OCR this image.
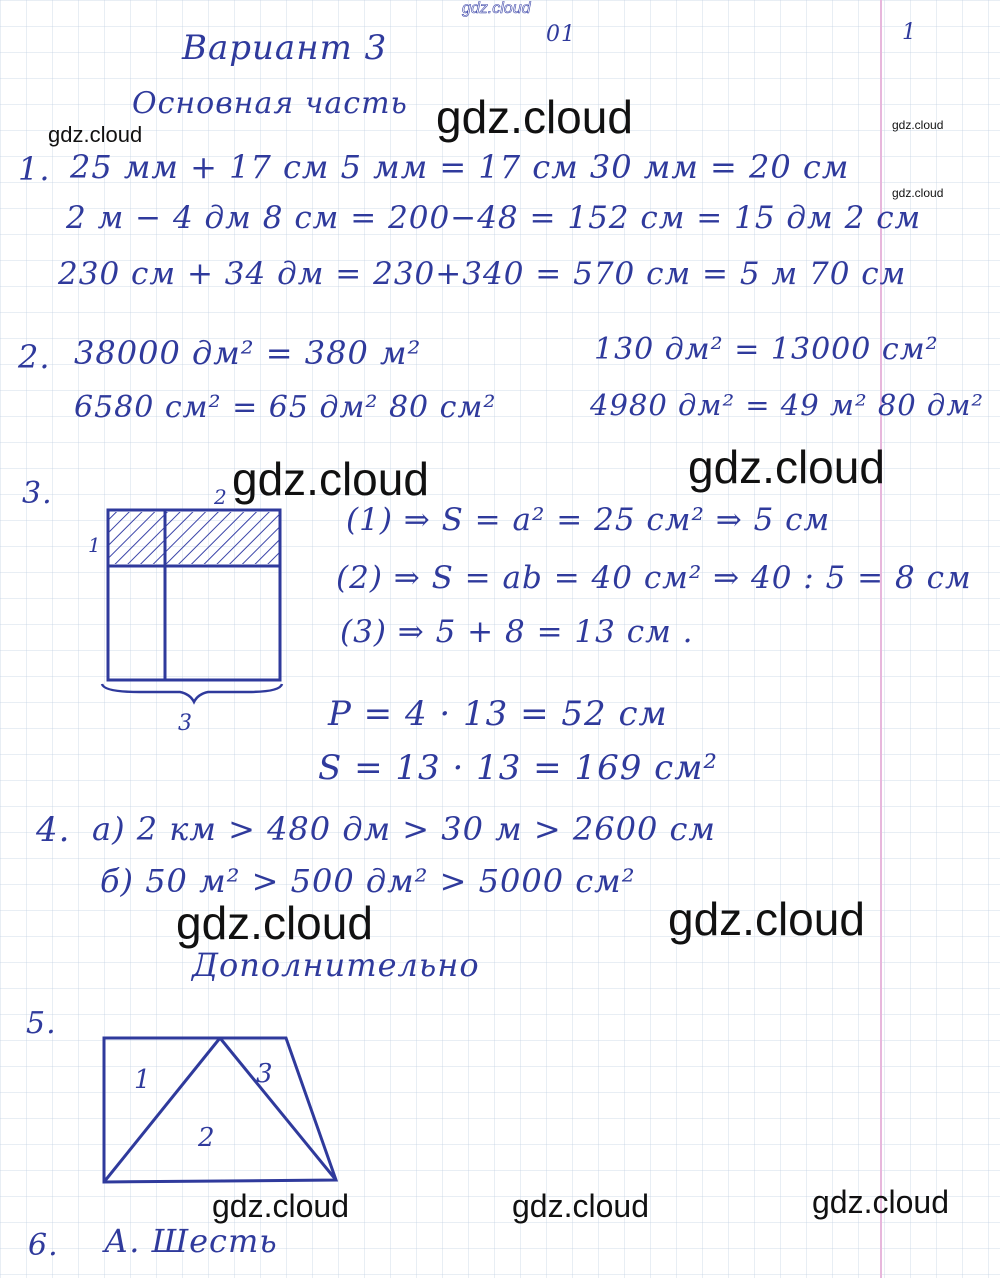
gdz.cloud
Вариант 3	01	1
Основная часть
1. 25 мм + 17 см 5 мм = 17 см 30 мм = 20 см
2 м − 4 дм 8 см = 200−48 = 152 см = 15 дм 2 см
230 см + 34 дм = 230+340 = 570 см = 5 м 70 см
2. 38000 дм² = 380 м²
6580 см² = 65 дм² 80 см²
130 дм² = 13000 см²
4980 дм² = 49 м² 80 дм²
3.
1
2
3
(1) ⇒ S = a² = 25 см² ⇒ 5 см
(2) ⇒ S = ab = 40 см² ⇒ 40 : 5 = 8 см
(3) ⇒ 5 + 8 = 13 см .
P = 4 · 13 = 52 см
S = 13 · 13 = 169 см²
4. а) 2 км > 480 дм > 30 м > 2600 см
б) 50 м² > 500 дм² > 5000 см²
Дополнительно
5.
1
2
3
6. А. Шесть
gdz.cloud
gdz.cloud	gdz.cloud
gdz.cloud
gdz.cloud	gdz.cloud
gdz.cloud	gdz.cloud
gdz.cloud	gdz.cloud	gdz.cloud
